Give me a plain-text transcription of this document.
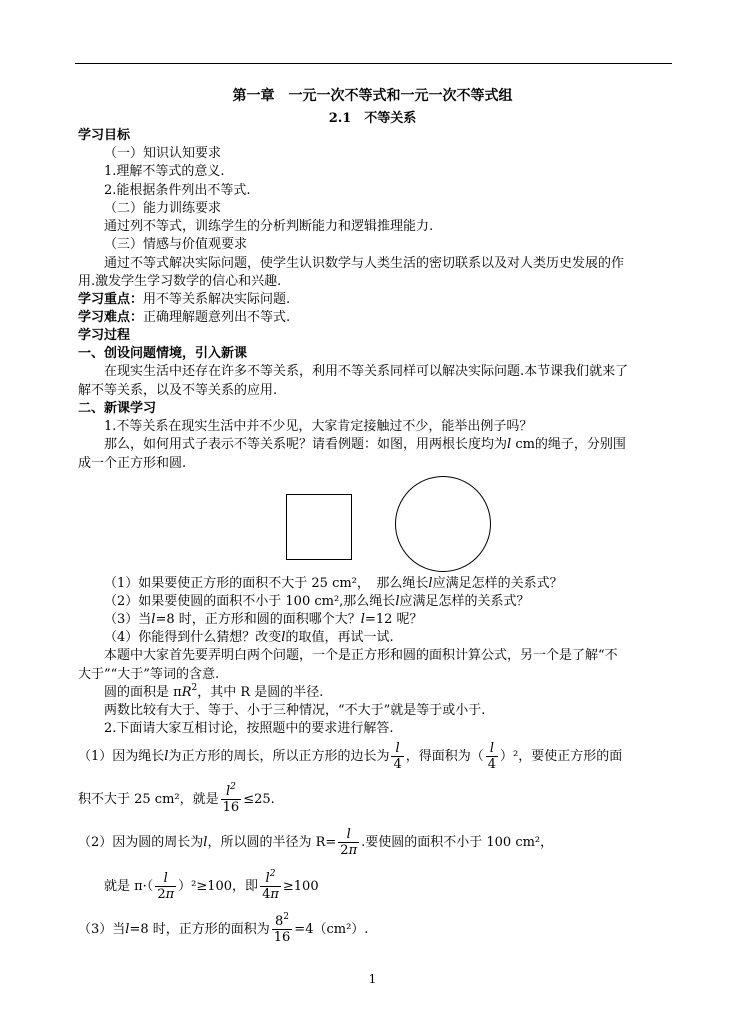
第一章　一元一次不等式和一元一次不等式组
2.1　不等关系
学习目标
（一）知识认知要求
1.理解不等式的意义.
2.能根据条件列出不等式.
（二）能力训练要求
通过列不等式，训练学生的分析判断能力和逻辑推理能力.
（三）情感与价值观要求
通过不等式解决实际问题，使学生认识数学与人类生活的密切联系以及对人类历史发展的作
用.激发学生学习数学的信心和兴趣.
学习重点：用不等关系解决实际问题.
学习难点：正确理解题意列出不等式.
学习过程
一、创设问题情境，引入新课
在现实生活中还存在许多不等关系，利用不等关系同样可以解决实际问题.本节课我们就来了
解不等关系，以及不等关系的应用.
二、新课学习
1.不等关系在现实生活中并不少见，大家肯定接触过不少，能举出例子吗？
那么，如何用式子表示不等关系呢？请看例题：如图，用两根长度均为l cm的绳子，分别围
成一个正方形和圆.
（1）如果要使正方形的面积不大于 25 cm²，　那么绳长l应满足怎样的关系式？
（2）如果要使圆的面积不小于 100 cm²,那么绳长l应满足怎样的关系式？
（3）当l=8 时，正方形和圆的面积哪个大？l=12 呢？
（4）你能得到什么猜想？改变l的取值，再试一试.
本题中大家首先要弄明白两个问题，一个是正方形和圆的面积计算公式，另一个是了解“不
大于”“大于”等词的含意.
圆的面积是 $\pi R^2$，其中 R 是圆的半径.
两数比较有大于、等于、小于三种情况，“不大于”就是等于或小于.
2.下面请大家互相讨论，按照题中的要求进行解答.
（1）因为绳长l为正方形的周长，所以正方形的边长为 $\frac{l}{4}$ ，得面积为（ $\frac{l}{4} )^2$，要使正方形的面
积不大于 25 cm²，就是 $\frac{l^2}{16} \le 25$.
（2）因为圆的周长为l，所以圆的半径为 $R= \frac{l}{2\pi}$ .要使圆的面积不小于 100 cm²，
就是 $\pi\cdot( \frac{l}{2\pi} )^2\ge 100$，即 $\frac{l^2}{4\pi} \ge 100$
（3）当l=8 时，正方形的面积为 $\frac{8^2}{16} =4(cm^2)$.
1
